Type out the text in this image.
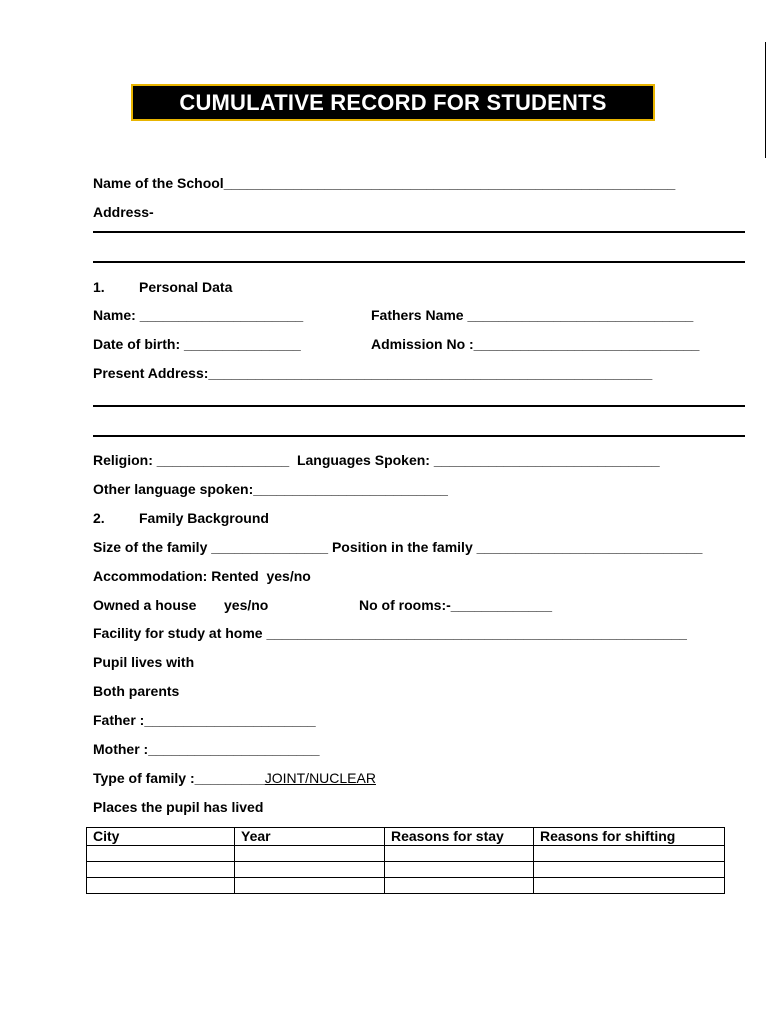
CUMULATIVE RECORD FOR STUDENTS
Name of the School__________________________________________________________
Address-
1. Personal Data
Name: _____________________	Fathers Name _____________________________
Date of birth: _______________	Admission No :_____________________________
Present Address:_________________________________________________________
Religion: _________________ Languages Spoken: _____________________________
Other language spoken:_________________________
2. Family Background
Size of the family _______________ Position in the family _____________________________
Accommodation: Rented yes/no
Owned a house yes/no	No of rooms:-_____________
Facility for study at home ______________________________________________________
Pupil lives with
Both parents
Father :______________________
Mother :______________________
Type of family :_________JOINT/NUCLEAR
Places the pupil has lived
City	Year	Reasons for stay	Reasons for shifting
